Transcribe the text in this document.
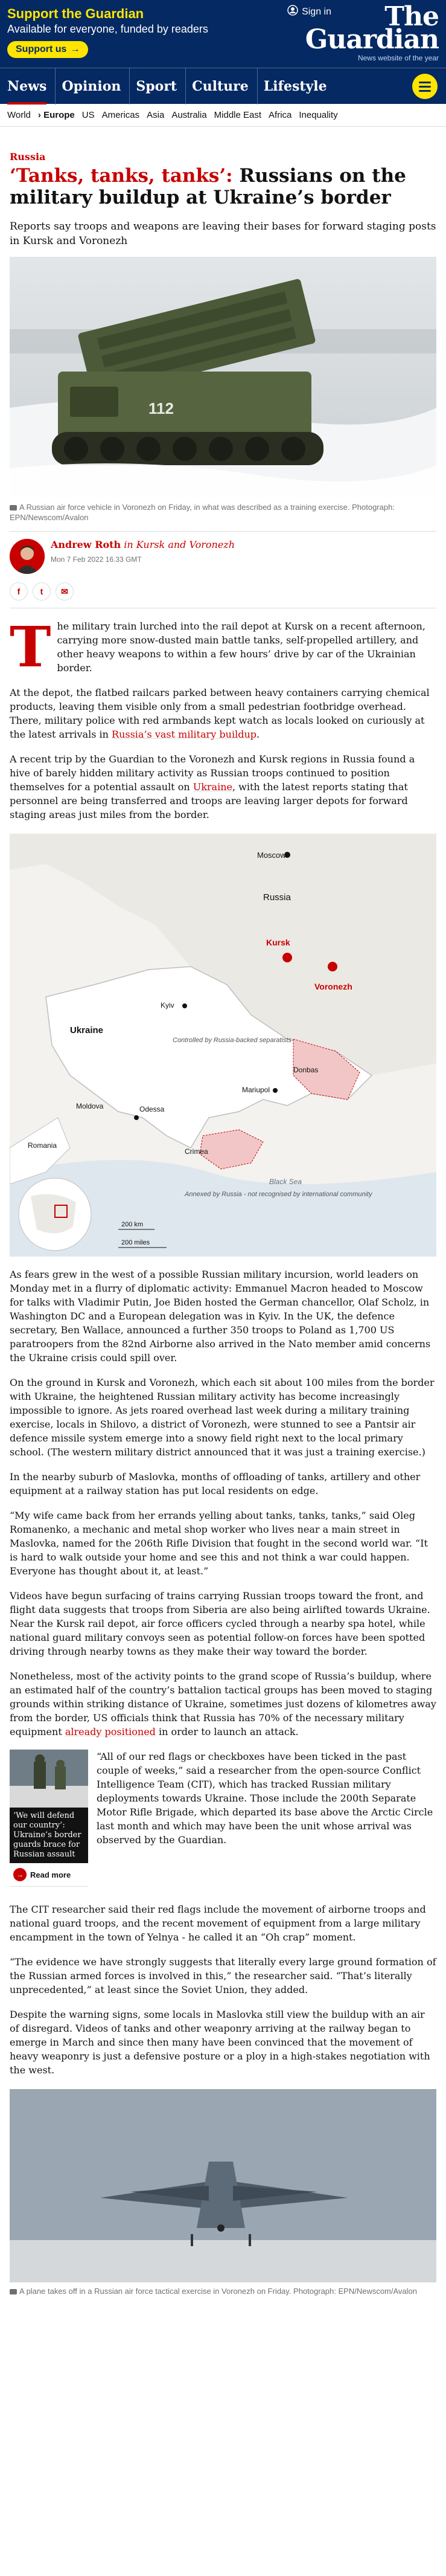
Support the Guardian
Available for everyone, funded by readers
Support us →
Sign in	The
Guardian
News website of the year
News	Opinion	Sport	Culture	Lifestyle
World › Europe US Americas Asia Australia Middle East Africa Inequality
Russia
‘Tanks, tanks, tanks’: Russians on the military buildup at Ukraine’s border
Reports say troops and weapons are leaving their bases for forward staging posts in Kursk and Voronezh
112
A Russian air force vehicle in Voronezh on Friday, in what was described as a training exercise. Photograph: EPN/Newscom/Avalon
Andrew Roth in Kursk and Voronezh
Mon 7 Feb 2022 16.33 GMT
f	t	✉

The military train lurched into the rail depot at Kursk on a recent afternoon, carrying more snow-dusted main battle tanks, self-propelled artillery, and other heavy weapons to within a few hours’ drive by car of the Ukrainian border.

At the depot, the flatbed railcars parked between heavy containers carrying chemical products, leaving them visible only from a small pedestrian footbridge overhead. There, military police with red armbands kept watch as locals looked on curiously at the latest arrivals in Russia’s vast military buildup.

A recent trip by the Guardian to the Voronezh and Kursk regions in Russia found a hive of barely hidden military activity as Russian troops continued to position themselves for a potential assault on Ukraine, with the latest reports stating that personnel are being transferred and troops are leaving larger depots for forward staging areas just miles from the border.

Moscow
Russia
Kursk
Voronezh
Kyiv
Ukraine
Controlled by Russia-backed separatists
Donbas
Mariupol
Odessa
Moldova
Romania
Crimea
Black Sea
Annexed by Russia - not recognised by international community
200 km
200 miles

As fears grew in the west of a possible Russian military incursion, world leaders on Monday met in a flurry of diplomatic activity: Emmanuel Macron headed to Moscow for talks with Vladimir Putin, Joe Biden hosted the German chancellor, Olaf Scholz, in Washington DC and a European delegation was in Kyiv. In the UK, the defence secretary, Ben Wallace, announced a further 350 troops to Poland as 1,700 US paratroopers from the 82nd Airborne also arrived in the Nato member amid concerns the Ukraine crisis could spill over.

On the ground in Kursk and Voronezh, which each sit about 100 miles from the border with Ukraine, the heightened Russian military activity has become increasingly impossible to ignore. As jets roared overhead last week during a military training exercise, locals in Shilovo, a district of Voronezh, were stunned to see a Pantsir air defence missile system emerge into a snowy field right next to the local primary school. (The western military district announced that it was just a training exercise.)

In the nearby suburb of Maslovka, months of offloading of tanks, artillery and other equipment at a railway station has put local residents on edge.

“My wife came back from her errands yelling about tanks, tanks, tanks,” said Oleg Romanenko, a mechanic and metal shop worker who lives near a main street in Maslovka, named for the 206th Rifle Division that fought in the second world war. “It is hard to walk outside your home and see this and not think a war could happen. Everyone has thought about it, at least.”

Videos have begun surfacing of trains carrying Russian troops toward the front, and flight data suggests that troops from Siberia are also being airlifted towards Ukraine. Near the Kursk rail depot, air force officers cycled through a nearby spa hotel, while national guard military convoys seen as potential follow-on forces have been spotted driving through nearby towns as they make their way toward the border.

Nonetheless, most of the activity points to the grand scope of Russia’s buildup, where an estimated half of the country’s battalion tactical groups has been moved to staging grounds within striking distance of Ukraine, sometimes just dozens of kilometres away from the border, US officials think that Russia has 70% of the necessary military equipment already positioned in order to launch an attack.

‘We will defend our country’: Ukraine’s border guards brace for Russian assault
→ Read more

“All of our red flags or checkboxes have been ticked in the past couple of weeks,” said a researcher from the open-source Conflict Intelligence Team (CIT), which has tracked Russian military deployments towards Ukraine. Those include the 200th Separate Motor Rifle Brigade, which departed its base above the Arctic Circle last month and which may have been the unit whose arrival was observed by the Guardian.

The CIT researcher said their red flags include the movement of airborne troops and national guard troops, and the recent movement of equipment from a large military encampment in the town of Yelnya - he called it an “Oh crap” moment.

“The evidence we have strongly suggests that literally every large ground formation of the Russian armed forces is involved in this,” the researcher said. “That’s literally unprecedented,” at least since the Soviet Union, they added.

Despite the warning signs, some locals in Maslovka still view the buildup with an air of disregard. Videos of tanks and other weaponry arriving at the railway began to emerge in March and since then many have been convinced that the movement of heavy weaponry is just a defensive posture or a ploy in a high-stakes negotiation with the west.

A plane takes off in a Russian air force tactical exercise in Voronezh on Friday. Photograph: EPN/Newscom/Avalon
